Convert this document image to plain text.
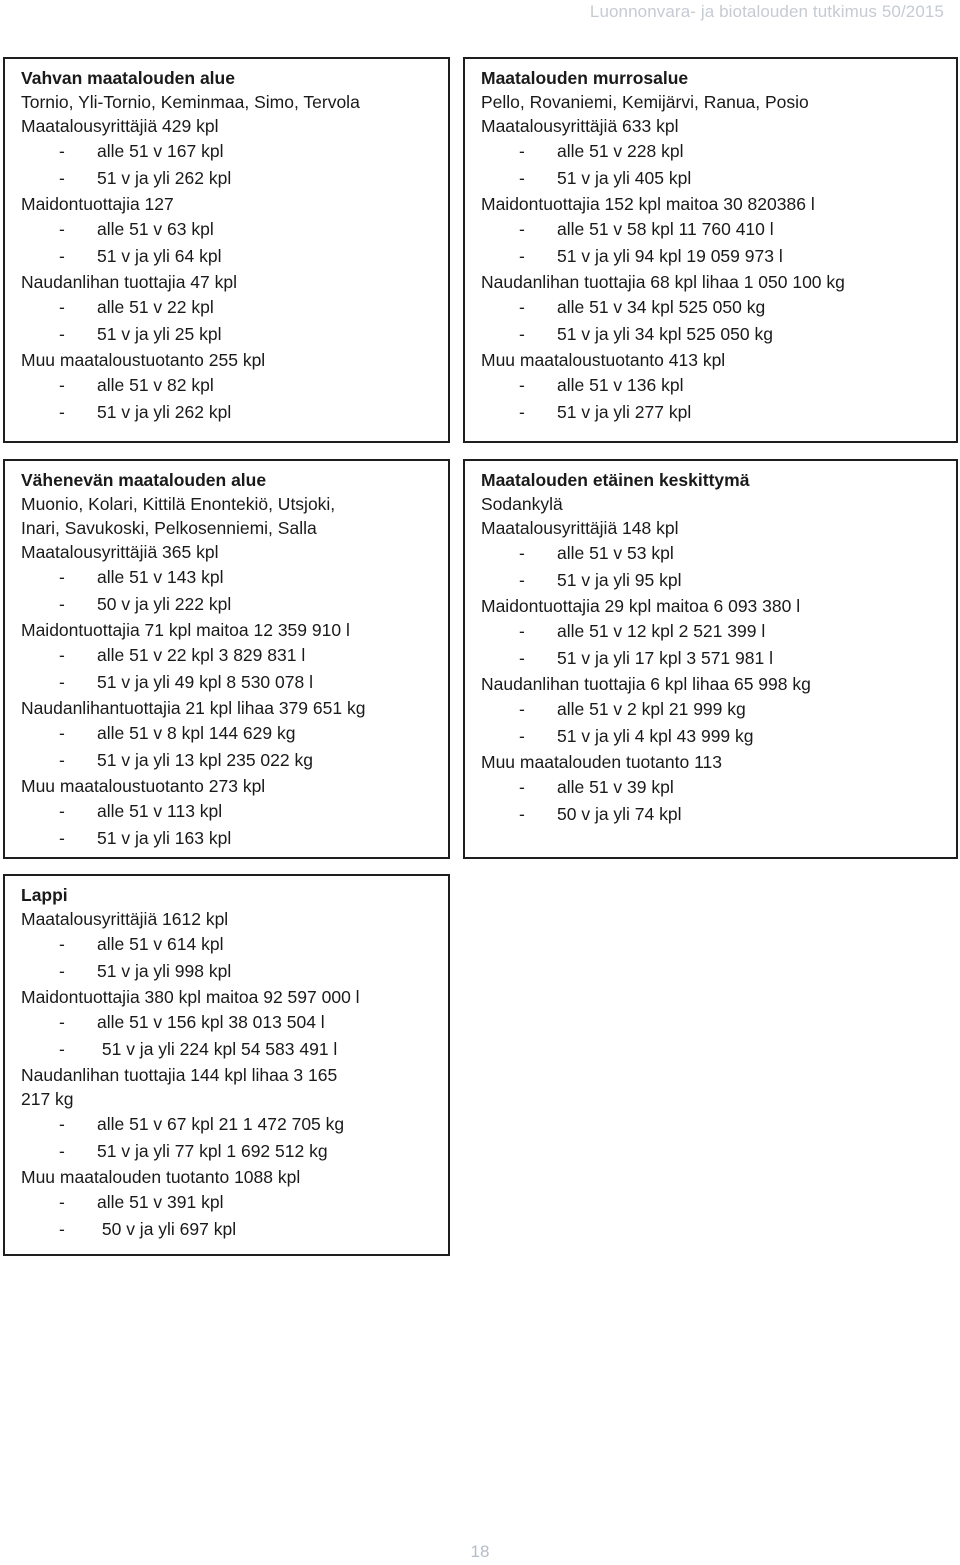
Luonnonvara- ja biotalouden tutkimus 50/2015
Vahvan maatalouden alue
Tornio, Yli-Tornio, Keminmaa, Simo, Tervola
Maatalousyrittäjiä 429 kpl
- alle 51 v 167 kpl
- 51 v ja yli 262 kpl
Maidontuottajia 127
- alle 51 v 63 kpl
- 51 v ja yli 64 kpl
Naudanlihan tuottajia 47 kpl
- alle 51 v 22 kpl
- 51 v ja yli 25 kpl
Muu maataloustuotanto 255 kpl
- alle 51 v 82 kpl
- 51 v ja yli 262 kpl
Maatalouden murrosalue
Pello, Rovaniemi, Kemijärvi, Ranua, Posio
Maatalousyrittäjiä 633 kpl
- alle 51 v 228 kpl
- 51 v ja yli 405 kpl
Maidontuottajia 152 kpl maitoa 30 820386 l
- alle 51 v 58 kpl 11 760 410 l
- 51 v ja yli 94 kpl 19 059 973 l
Naudanlihan tuottajia 68 kpl lihaa 1 050 100 kg
- alle 51 v 34 kpl 525 050 kg
- 51 v ja yli 34 kpl 525 050 kg
Muu maataloustuotanto 413 kpl
- alle 51 v 136 kpl
- 51 v ja yli 277 kpl
Vähenevän maatalouden alue
Muonio, Kolari, Kittilä Enontekiö, Utsjoki,
Inari, Savukoski, Pelkosenniemi, Salla
Maatalousyrittäjiä 365 kpl
- alle 51 v 143 kpl
- 50 v ja yli 222 kpl
Maidontuottajia 71 kpl maitoa 12 359 910 l
- alle 51 v 22 kpl 3 829 831 l
- 51 v ja yli 49 kpl 8 530 078 l
Naudanlihantuottajia 21 kpl lihaa 379 651 kg
- alle 51 v 8 kpl 144 629 kg
- 51 v ja yli 13 kpl 235 022 kg
Muu maataloustuotanto 273 kpl
- alle 51 v 113 kpl
- 51 v ja yli 163 kpl
Maatalouden etäinen keskittymä
Sodankylä
Maatalousyrittäjiä 148 kpl
- alle 51 v 53 kpl
- 51 v ja yli 95 kpl
Maidontuottajia 29 kpl maitoa 6 093 380 l
- alle 51 v 12 kpl 2 521 399 l
- 51 v ja yli 17 kpl 3 571 981 l
Naudanlihan tuottajia 6 kpl lihaa 65 998 kg
- alle 51 v 2 kpl 21 999 kg
- 51 v ja yli 4 kpl 43 999 kg
Muu maatalouden tuotanto 113
- alle 51 v 39 kpl
- 50 v ja yli 74 kpl
Lappi
Maatalousyrittäjiä 1612 kpl
- alle 51 v 614 kpl
- 51 v ja yli 998 kpl
Maidontuottajia 380 kpl maitoa 92 597 000 l
- alle 51 v 156 kpl 38 013 504 l
- 51 v ja yli 224 kpl 54 583 491 l
Naudanlihan tuottajia 144 kpl lihaa 3 165
217 kg
- alle 51 v 67 kpl 21 1 472 705 kg
- 51 v ja yli 77 kpl 1 692 512 kg
Muu maatalouden tuotanto 1088 kpl
- alle 51 v 391 kpl
- 50 v ja yli 697 kpl
18
